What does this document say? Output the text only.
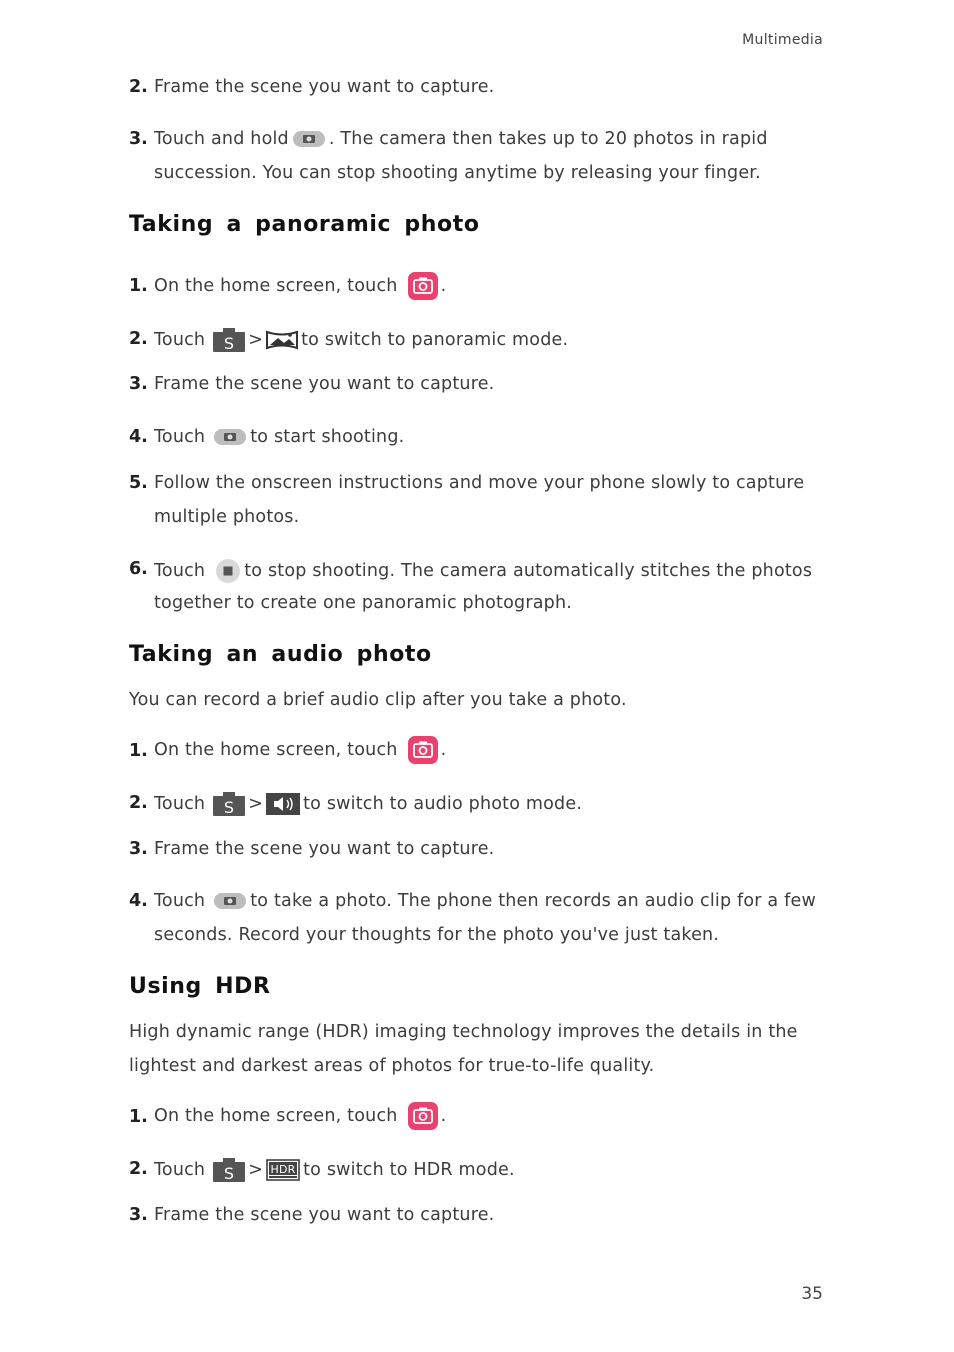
Multimedia
2. Frame the scene you want to capture.
3. Touch and hold . The camera then takes up to 20 photos in rapid
succession. You can stop shooting anytime by releasing your finger.
Taking a panoramic photo
1. On the home screen, touch .
2. Touch S > to switch to panoramic mode.
3. Frame the scene you want to capture.
4. Touch	to start shooting.
5. Follow the onscreen instructions and move your phone slowly to capture
multiple photos.
6. Touch to stop shooting. The camera automatically stitches the photos
together to create one panoramic photograph.
Taking an audio photo
You can record a brief audio clip after you take a photo.
1. On the home screen, touch .
2. Touch S > to switch to audio photo mode.
3. Frame the scene you want to capture.
4. Touch	to take a photo. The phone then records an audio clip for a few
seconds. Record your thoughts for the photo you've just taken.
Using HDR
High dynamic range (HDR) imaging technology improves the details in the
lightest and darkest areas of photos for true-to-life quality.
1. On the home screen, touch .
2. Touch S > HDR to switch to HDR mode.
3. Frame the scene you want to capture.
35
